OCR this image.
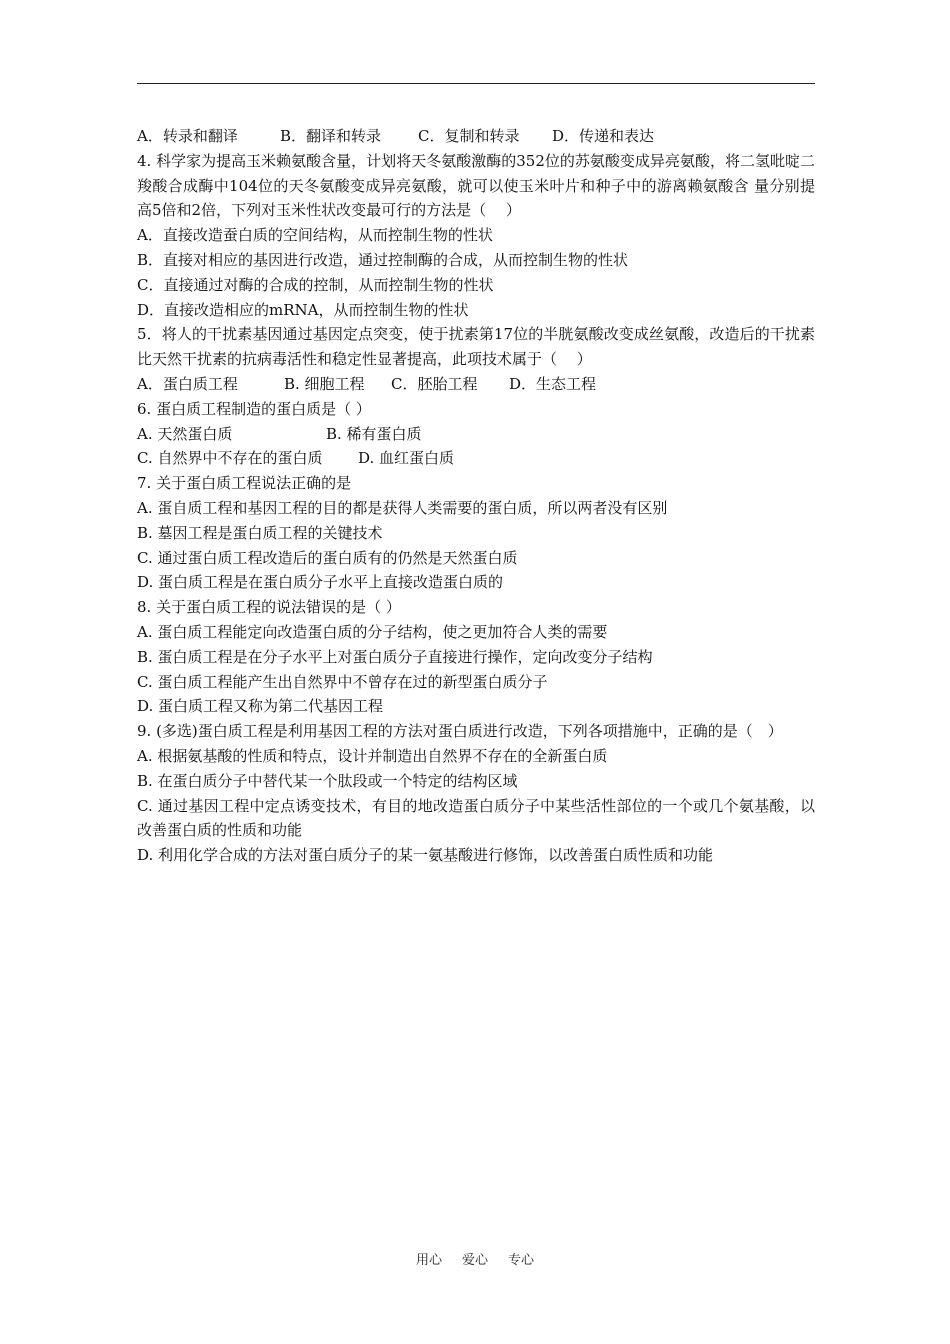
A．转录和翻译	B．翻译和转录 C．复制和转录 D．传递和表达
4. 科学家为提高玉米赖氨酸含量，计划将天冬氨酸激酶的352位的苏氨酸变成异亮氨酸，将二氢吡啶二羧酸合成酶中104位的天冬氨酸变成异亮氨酸，就可以使玉米叶片和种子中的游离赖氨酸含 量分别提高5倍和2倍，下列对玉米性状改变最可行的方法是（　 ）
A．直接改造蚕白质的空间结构，从而控制生物的性状
B．直接对相应的基因进行改造，通过控制酶的合成，从而控制生物的性状
C．直接通过对酶的合成的控制，从而控制生物的性状
D．直接改造相应的mRNA，从而控制生物的性状
5．将人的干扰素基因通过基因定点突变，使于扰素第17位的半胱氨酸改变成丝氨酸，改造后的干扰素比天然干扰素的抗病毒活性和稳定性显著提高，此项技术属于（　 ）
A．蛋白质工程	B. 细胞工程 C．胚胎工程 D．生态工程
6. 蛋白质工程制造的蛋白质是（ ）
A. 天然蛋白质	B. 稀有蛋白质
C. 自然界中不存在的蛋白质 D. 血红蛋白质
7. 关于蛋白质工程说法正确的是
A. 蛋自质工程和基因工程的目的都是获得人类需要的蛋白质，所以两者没有区别
B. 墓因工程是蛋白质工程的关键技术
C. 通过蛋白质工程改造后的蛋白质有的仍然是天然蛋白质
D. 蛋白质工程是在蛋白质分子水平上直接改造蛋白质的
8. 关于蛋白质工程的说法错误的是（ ）
A. 蛋白质工程能定向改造蛋白质的分子结构，使之更加符合人类的需要
B. 蛋白质工程是在分子水平上对蛋白质分子直接进行操作，定向改变分子结构
C. 蛋白质工程能产生出自然界中不曾存在过的新型蛋白质分子
D. 蛋白质工程又称为第二代基因工程
9. (多选)蛋白质工程是利用基因工程的方法对蛋白质进行改造，下列各项措施中，正确的是（　）
A. 根据氨基酸的性质和特点，设计并制造出自然界不存在的全新蛋白质
B. 在蛋白质分子中替代某一个肽段或一个特定的结构区域
C. 通过基因工程中定点诱变技术，有目的地改造蛋白质分子中某些活性部位的一个或几个氨基酸，以改善蛋白质的性质和功能
D. 利用化学合成的方法对蛋白质分子的某一氨基酸进行修饰，以改善蛋白质性质和功能
用心 爱心 专心
